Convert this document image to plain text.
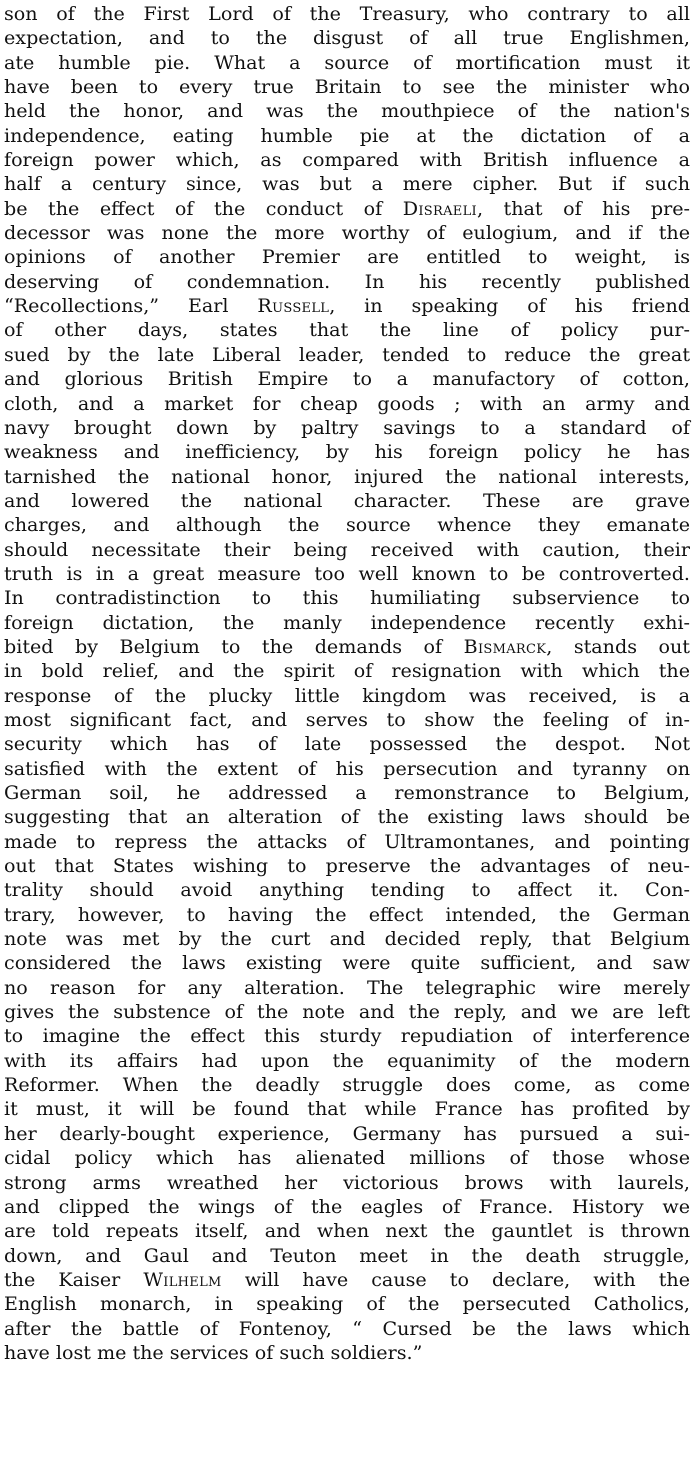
son of the First Lord of the Treasury, who contrary to all
expectation, and to the disgust of all true Englishmen,
ate humble pie. What a source of mortification must it
have been to every true Britain to see the minister who
held the honor, and was the mouthpiece of the nation's
independence, eating humble pie at the dictation of a
foreign power which, as compared with British influence a
half a century since, was but a mere cipher. But if such
be the effect of the conduct of Disraeli, that of his pre-
decessor was none the more worthy of eulogium, and if the
opinions of another Premier are entitled to weight, is
deserving of condemnation. In his recently published
“Recollections,” Earl Russell, in speaking of his friend
of other days, states that the line of policy pur-
sued by the late Liberal leader, tended to reduce the great
and glorious British Empire to a manufactory of cotton,
cloth, and a market for cheap goods ; with an army and
navy brought down by paltry savings to a standard of
weakness and inefficiency, by his foreign policy he has
tarnished the national honor, injured the national interests,
and lowered the national character. These are grave
charges, and although the source whence they emanate
should necessitate their being received with caution, their
truth is in a great measure too well known to be controverted.
In contradistinction to this humiliating subservience to
foreign dictation, the manly independence recently exhi-
bited by Belgium to the demands of Bismarck, stands out
in bold relief, and the spirit of resignation with which the
response of the plucky little kingdom was received, is a
most significant fact, and serves to show the feeling of in-
security which has of late possessed the despot. Not
satisfied with the extent of his persecution and tyranny on
German soil, he addressed a remonstrance to Belgium,
suggesting that an alteration of the existing laws should be
made to repress the attacks of Ultramontanes, and pointing
out that States wishing to preserve the advantages of neu-
trality should avoid anything tending to affect it. Con-
trary, however, to having the effect intended, the German
note was met by the curt and decided reply, that Belgium
considered the laws existing were quite sufficient, and saw
no reason for any alteration. The telegraphic wire merely
gives the substence of the note and the reply, and we are left
to imagine the effect this sturdy repudiation of interference
with its affairs had upon the equanimity of the modern
Reformer. When the deadly struggle does come, as come
it must, it will be found that while France has profited by
her dearly-bought experience, Germany has pursued a sui-
cidal policy which has alienated millions of those whose
strong arms wreathed her victorious brows with laurels,
and clipped the wings of the eagles of France. History we
are told repeats itself, and when next the gauntlet is thrown
down, and Gaul and Teuton meet in the death struggle,
the Kaiser Wilhelm will have cause to declare, with the
English monarch, in speaking of the persecuted Catholics,
after the battle of Fontenoy, “ Cursed be the laws which
have lost me the services of such soldiers.”
